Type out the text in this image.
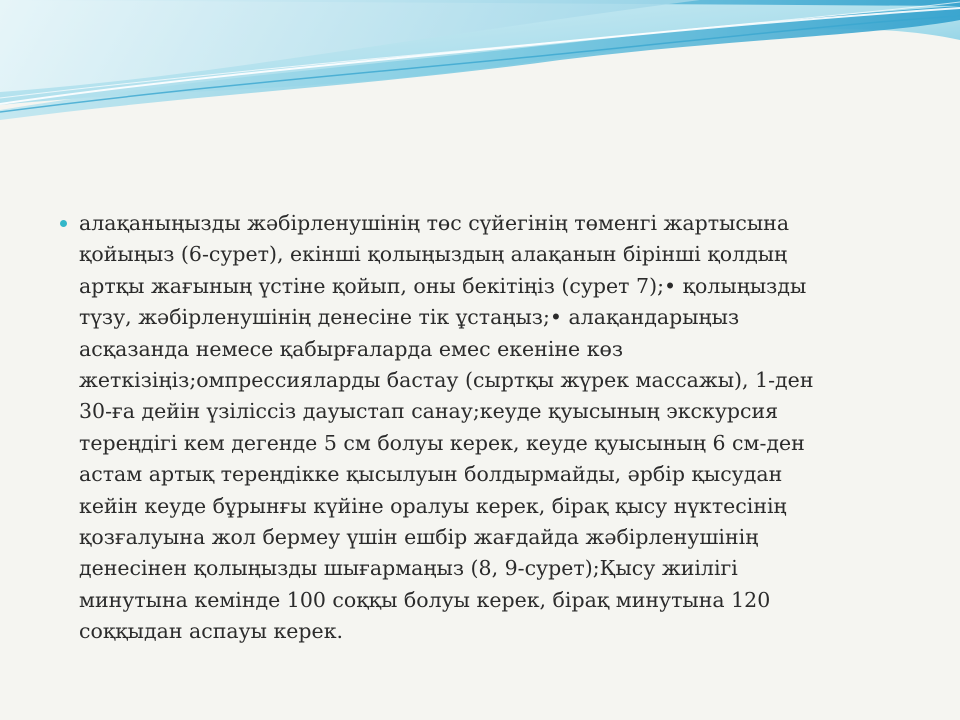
алақаныңызды жәбірленушінің төс сүйегінің төменгі жартысына
қойыңыз (6-сурет), екінші қолыңыздың алақанын бірінші қолдың
артқы жағының үстіне қойып, оны бекітіңіз (сурет 7);• қолыңызды
түзу, жәбірленушінің денесіне тік ұстаңыз;• алақандарыңыз
асқазанда немесе қабырғаларда емес екеніне көз
жеткізіңіз;омпрессияларды бастау (сыртқы жүрек массажы), 1-ден
30-ға дейін үзіліссіз дауыстап санау;кеуде қуысының экскурсия
тереңдігі кем дегенде 5 см болуы керек, кеуде қуысының 6 см-ден
астам артық тереңдікке қысылуын болдырмайды, әрбір қысудан
кейін кеуде бұрынғы күйіне оралуы керек, бірақ қысу нүктесінің
қозғалуына жол бермеу үшін ешбір жағдайда жәбірленушінің
денесінен қолыңызды шығармаңыз (8, 9-сурет);Қысу жиілігі
минутына кемінде 100 соққы болуы керек, бірақ минутына 120
соққыдан аспауы керек.
